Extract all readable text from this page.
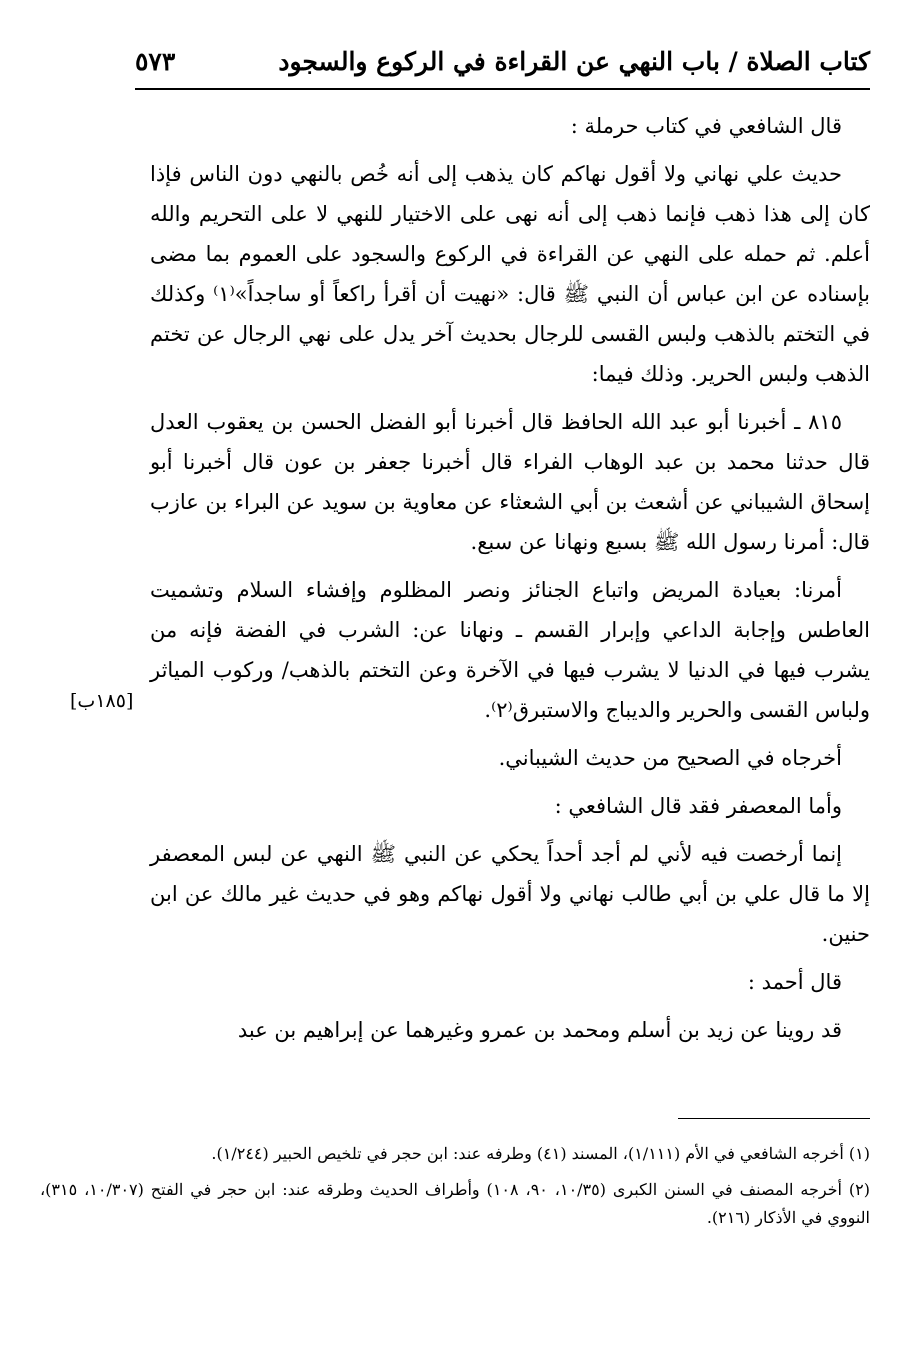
كتاب الصلاة / باب النهي عن القراءة في الركوع والسجود
٥٧٣

قال الشافعي في كتاب حرملة :

حديث علي نهاني ولا أقول نهاكم كان يذهب إلى أنه خُص بالنهي دون الناس فإذا كان إلى هذا ذهب فإنما ذهب إلى أنه نهى على الاختيار للنهي لا على التحريم والله أعلم. ثم حمله على النهي عن القراءة في الركوع والسجود على العموم بما مضى بإسناده عن ابن عباس أن النبي ﷺ قال: «نهيت أن أقرأ راكعاً أو ساجداً»⁽١⁾ وكذلك في التختم بالذهب ولبس القسى للرجال بحديث آخر يدل على نهي الرجال عن تختم الذهب ولبس الحرير. وذلك فيما:

٨١٥ ـ أخبرنا أبو عبد الله الحافظ قال أخبرنا أبو الفضل الحسن بن يعقوب العدل قال حدثنا محمد بن عبد الوهاب الفراء قال أخبرنا جعفر بن عون قال أخبرنا أبو إسحاق الشيباني عن أشعث بن أبي الشعثاء عن معاوية بن سويد عن البراء بن عازب قال: أمرنا رسول الله ﷺ بسبع ونهانا عن سبع.

أمرنا: بعيادة المريض واتباع الجنائز ونصر المظلوم وإفشاء السلام وتشميت العاطس وإجابة الداعي وإبرار القسم ـ ونهانا عن: الشرب في الفضة فإنه من يشرب فيها في الدنيا لا يشرب فيها في الآخرة وعن التختم بالذهب/ وركوب المياثر ولباس القسى والحرير والديباج والاستبرق⁽٢⁾.

أخرجاه في الصحيح من حديث الشيباني.

وأما المعصفر فقد قال الشافعي :

إنما أرخصت فيه لأني لم أجد أحداً يحكي عن النبي ﷺ النهي عن لبس المعصفر إلا ما قال علي بن أبي طالب نهاني ولا أقول نهاكم وهو في حديث غير مالك عن ابن حنين.

قال أحمد :

قد روينا عن زيد بن أسلم ومحمد بن عمرو وغيرهما عن إبراهيم بن عبد

[١٨٥ب]

(١) أخرجه الشافعي في الأم (١/١١١)، المسند (٤١) وطرفه عند: ابن حجر في تلخيص الحبير (١/٢٤٤).

(٢) أخرجه المصنف في السنن الكبرى (١٠/٣٥، ٩٠، ١٠٨) وأطراف الحديث وطرقه عند: ابن حجر في الفتح (١٠/٣٠٧، ٣١٥)، النووي في الأذكار (٢١٦).
